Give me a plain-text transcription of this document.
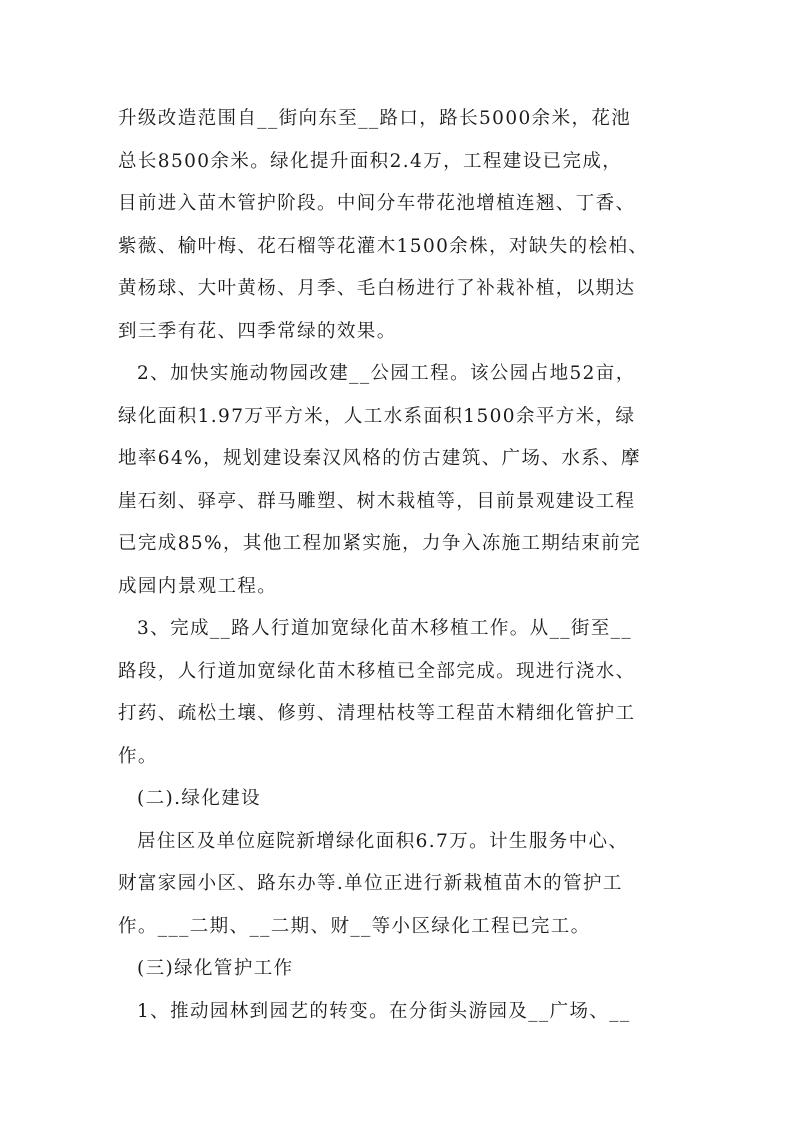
升级改造范围自__街向东至__路口，路长5000余米，花池
总长8500余米。绿化提升面积2.4万，工程建设已完成，
目前进入苗木管护阶段。中间分车带花池增植连翘、丁香、
紫薇、榆叶梅、花石榴等花灌木1500余株，对缺失的桧柏、
黄杨球、大叶黄杨、月季、毛白杨进行了补栽补植，以期达
到三季有花、四季常绿的效果。
2、加快实施动物园改建__公园工程。该公园占地52亩，
绿化面积1.97万平方米，人工水系面积1500余平方米，绿
地率64%，规划建设秦汉风格的仿古建筑、广场、水系、摩
崖石刻、驿亭、群马雕塑、树木栽植等，目前景观建设工程
已完成85%，其他工程加紧实施，力争入冻施工期结束前完
成园内景观工程。
3、完成__路人行道加宽绿化苗木移植工作。从__街至__
路段，人行道加宽绿化苗木移植已全部完成。现进行浇水、
打药、疏松土壤、修剪、清理枯枝等工程苗木精细化管护工
作。
(二).绿化建设
居住区及单位庭院新增绿化面积6.7万。计生服务中心、
财富家园小区、路东办等.单位正进行新栽植苗木的管护工
作。___二期、__二期、财__等小区绿化工程已完工。
(三)绿化管护工作
1、推动园林到园艺的转变。在分街头游园及__广场、__
